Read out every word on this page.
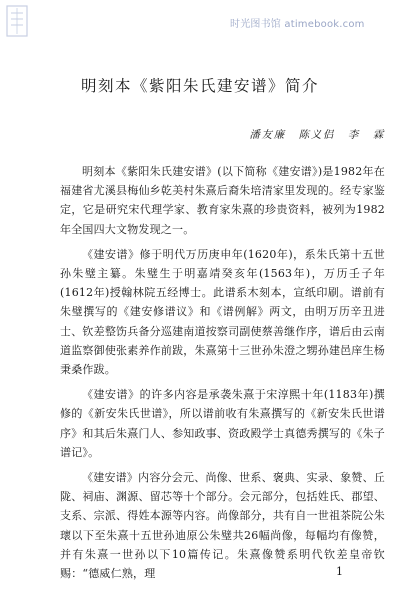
时光图书馆 atimebook.com
明刻本《紫阳朱氏建安谱》简介
潘友廉 陈义侣 李 霖

明刻本《紫阳朱氏建安谱》(以下简称《建安谱》)是1982年在福建省尤溪县梅仙乡乾美村朱熹后裔朱培清家里发现的。经专家鉴定，它是研究宋代理学家、教育家朱熹的珍贵资料，被列为1982年全国四大文物发现之一。

《建安谱》修于明代万历庚申年(1620年)，系朱氏第十五世孙朱璧主纂。朱璧生于明嘉靖癸亥年(1563年)，万历壬子年(1612年)授翰林院五经博士。此谱系木刻本，宣纸印刷。谱前有朱璧撰写的《建安修谱议》和《谱例解》两文，由明万历辛丑进士、钦差整饬兵备分巡建南道按察司副使蔡善继作序，谱后由云南道监察御使张素养作前跋，朱熹第十三世孙朱澄之甥孙建邑庠生杨秉桑作跋。

《建安谱》的许多内容是承袭朱熹于宋淳熙十年(1183年)撰修的《新安朱氏世谱》，所以谱前收有朱熹撰写的《新安朱氏世谱序》和其后朱熹门人、参知政事、资政殿学士真德秀撰写的《朱子谱记》。

《建安谱》内容分会元、尚像、世系、褒典、实录、象赞、丘陇、祠庙、渊源、留芯等十个部分。会元部分，包括姓氏、郡望、支系、宗派、得姓本源等内容。尚像部分，共有自一世祖茶院公朱瓌以下至朱熹十五世孙迪原公朱璧共26幅尚像，每幅均有像赞，并有朱熹一世孙以下10篇传记。朱熹像赞系明代钦差皇帝钦赐：“德威仁熟，理	1
